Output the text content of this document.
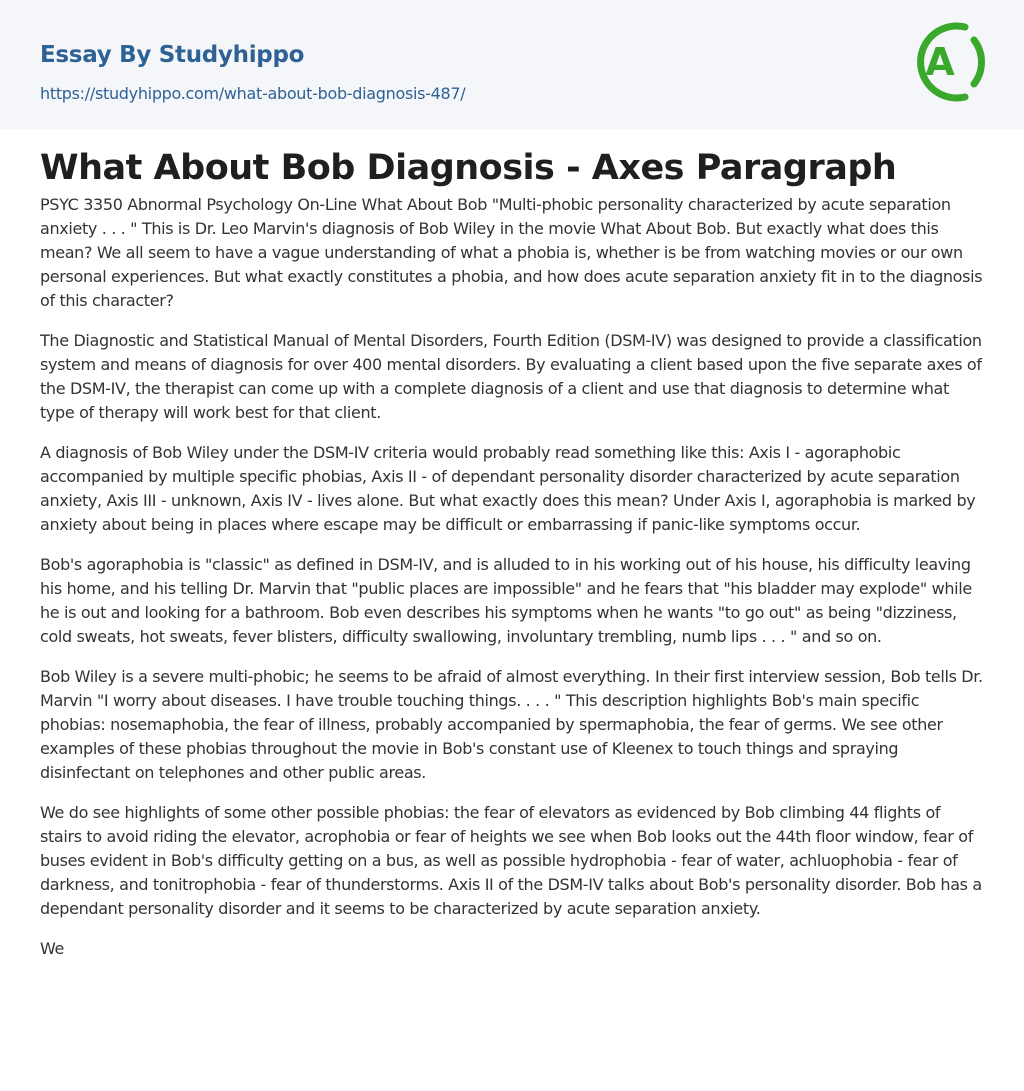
Essay By Studyhippo
https://studyhippo.com/what-about-bob-diagnosis-487/
A
What About Bob Diagnosis - Axes Paragraph

PSYC 3350 Abnormal Psychology On-Line What About Bob "Multi-phobic personality characterized by acute separation anxiety . . . " This is Dr. Leo Marvin's diagnosis of Bob Wiley in the movie What About Bob. But exactly what does this mean? We all seem to have a vague understanding of what a phobia is, whether is be from watching movies or our own personal experiences. But what exactly constitutes a phobia, and how does acute separation anxiety fit in to the diagnosis of this character?

The Diagnostic and Statistical Manual of Mental Disorders, Fourth Edition (DSM-IV) was designed to provide a classification system and means of diagnosis for over 400 mental disorders. By evaluating a client based upon the five separate axes of the DSM-IV, the therapist can come up with a complete diagnosis of a client and use that diagnosis to determine what type of therapy will work best for that client.

A diagnosis of Bob Wiley under the DSM-IV criteria would probably read something like this: Axis I - agoraphobic accompanied by multiple specific phobias, Axis II - of dependant personality disorder characterized by acute separation anxiety, Axis III - unknown, Axis IV - lives alone. But what exactly does this mean? Under Axis I, agoraphobia is marked by anxiety about being in places where escape may be difficult or embarrassing if panic-like symptoms occur.

Bob's agoraphobia is "classic" as defined in DSM-IV, and is alluded to in his working out of his house, his difficulty leaving his home, and his telling Dr. Marvin that "public places are impossible" and he fears that "his bladder may explode" while he is out and looking for a bathroom. Bob even describes his symptoms when he wants "to go out" as being "dizziness, cold sweats, hot sweats, fever blisters, difficulty swallowing, involuntary trembling, numb lips . . . " and so on.

Bob Wiley is a severe multi-phobic; he seems to be afraid of almost everything. In their first interview session, Bob tells Dr. Marvin "I worry about diseases. I have trouble touching things. . . . " This description highlights Bob's main specific phobias: nosemaphobia, the fear of illness, probably accompanied by spermaphobia, the fear of germs. We see other examples of these phobias throughout the movie in Bob's constant use of Kleenex to touch things and spraying disinfectant on telephones and other public areas.

We do see highlights of some other possible phobias: the fear of elevators as evidenced by Bob climbing 44 flights of stairs to avoid riding the elevator, acrophobia or fear of heights we see when Bob looks out the 44th floor window, fear of buses evident in Bob's difficulty getting on a bus, as well as possible hydrophobia - fear of water, achluophobia - fear of darkness, and tonitrophobia - fear of thunderstorms. Axis II of the DSM-IV talks about Bob's personality disorder. Bob has a dependant personality disorder and it seems to be characterized by acute separation anxiety.

We
